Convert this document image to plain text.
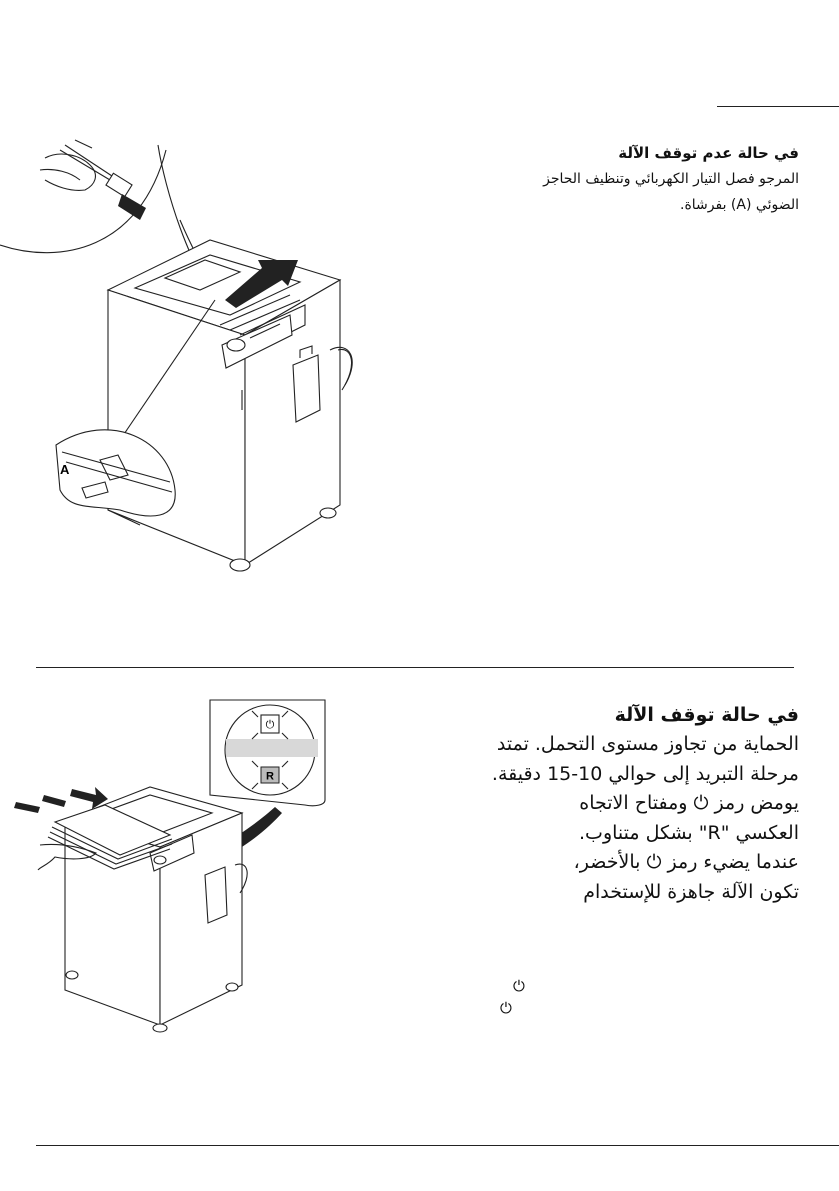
في حالة عدم توقف الآلة
المرجو فصل التيار الكهربائي وتنظيف الحاجز
الضوئي (A) بفرشاة.
A
في حالة توقف الآلة
الحماية من تجاوز مستوى التحمل. تمتد
مرحلة التبريد إلى حوالي 10-15 دقيقة.
يومض رمز ⏻ ومفتاح الاتجاه
العكسي "R" بشكل متناوب.
عندما يضيء رمز ⏻ بالأخضر،
تكون الآلة جاهزة للإستخدام
⏻
⏻
⏻
R
